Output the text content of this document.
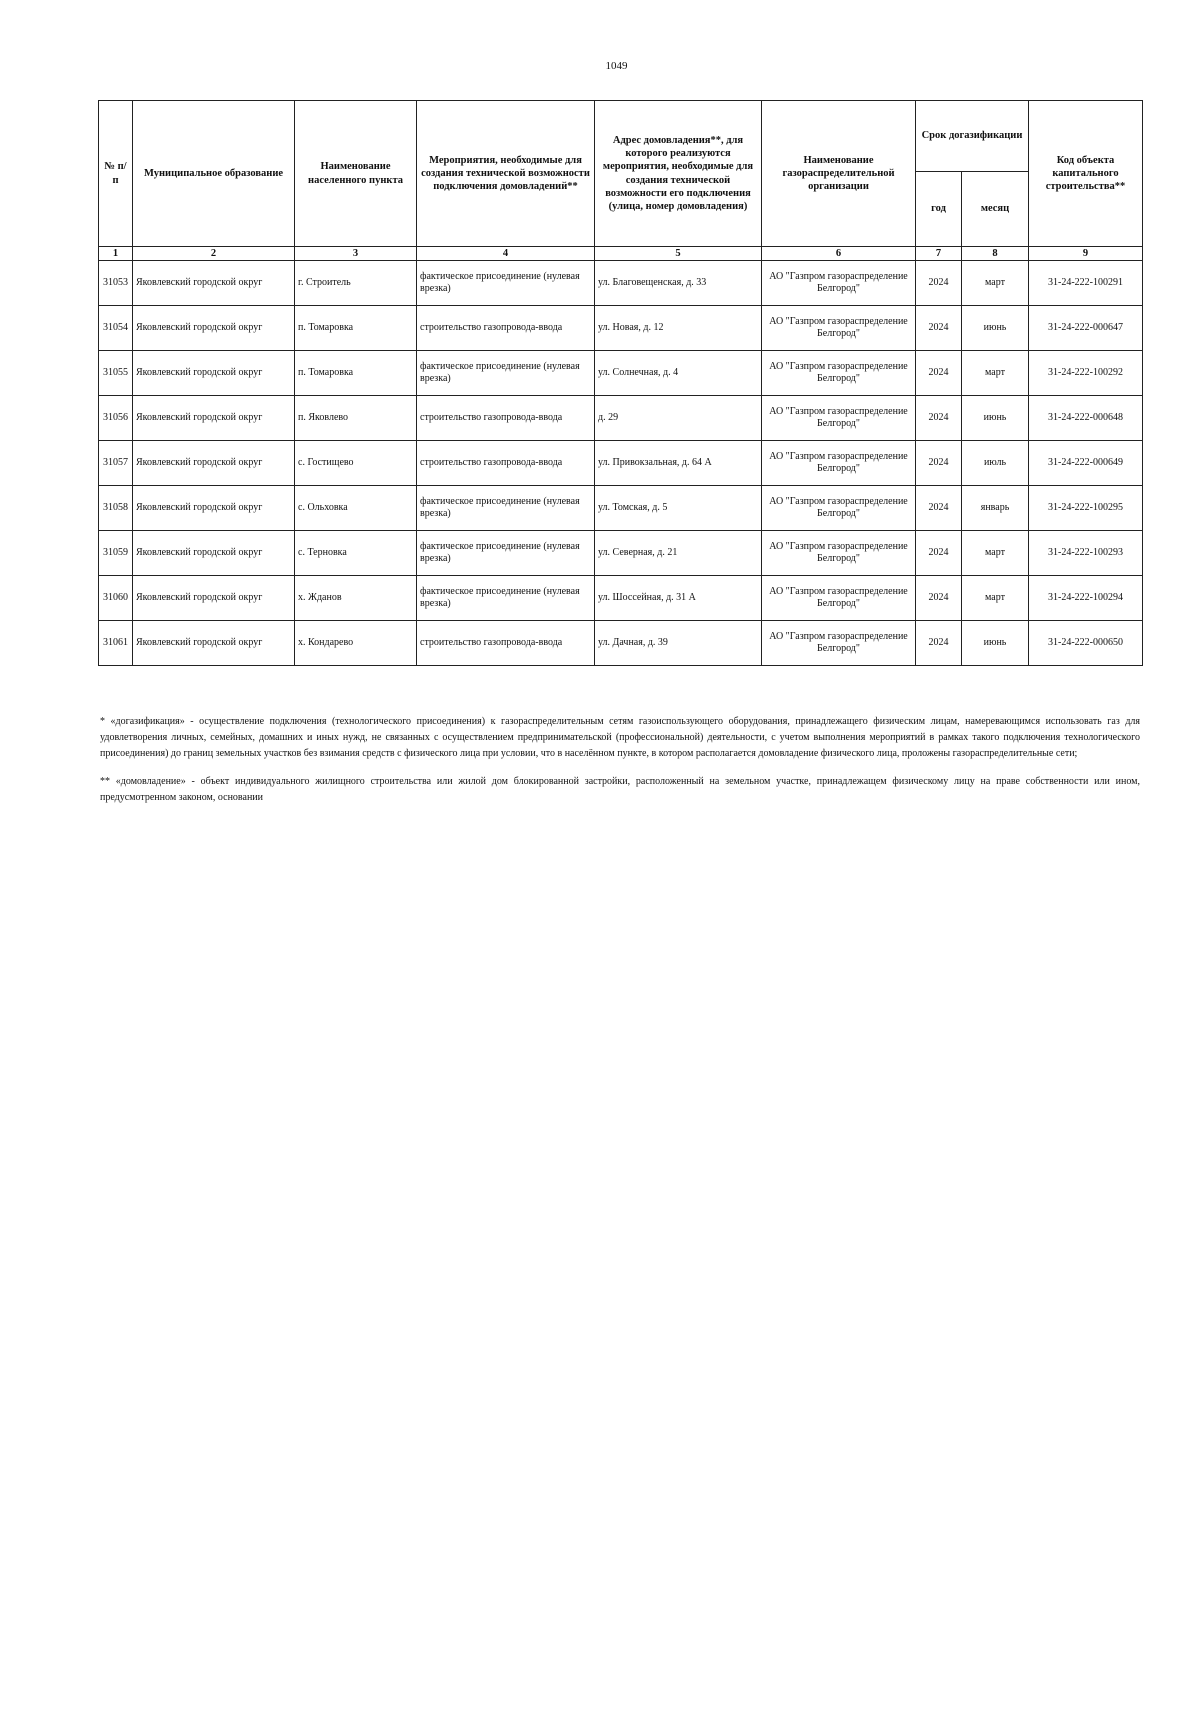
1049
№ п/п	Муниципальное образование	Наименование населенного пункта	Мероприятия, необходимые для создания технической возможности подключения домовладений**	Адрес домовладения**, для которого реализуются мероприятия, необходимые для создания технической возможности его подключения (улица, номер домовладения)	Наименование газораспределительной организации	Срок догазификации		Код объекта капитального строительства**
						год	месяц	
1	2	3	4	5	6	7	8	9
31053	Яковлевский городской округ	г. Строитель	фактическое присоединение (нулевая врезка)	ул. Благовещенская, д. 33	АО "Газпром газораспределение Белгород"	2024	март	31-24-222-100291
31054	Яковлевский городской округ	п. Томаровка	строительство газопровода-ввода	ул. Новая, д. 12	АО "Газпром газораспределение Белгород"	2024	июнь	31-24-222-000647
31055	Яковлевский городской округ	п. Томаровка	фактическое присоединение (нулевая врезка)	ул. Солнечная, д. 4	АО "Газпром газораспределение Белгород"	2024	март	31-24-222-100292
31056	Яковлевский городской округ	п. Яковлево	строительство газопровода-ввода	д. 29	АО "Газпром газораспределение Белгород"	2024	июнь	31-24-222-000648
31057	Яковлевский городской округ	с. Гостищево	строительство газопровода-ввода	ул. Привокзальная, д. 64 А	АО "Газпром газораспределение Белгород"	2024	июль	31-24-222-000649
31058	Яковлевский городской округ	с. Ольховка	фактическое присоединение (нулевая врезка)	ул. Томская, д. 5	АО "Газпром газораспределение Белгород"	2024	январь	31-24-222-100295
31059	Яковлевский городской округ	с. Терновка	фактическое присоединение (нулевая врезка)	ул. Северная, д. 21	АО "Газпром газораспределение Белгород"	2024	март	31-24-222-100293
31060	Яковлевский городской округ	х. Жданов	фактическое присоединение (нулевая врезка)	ул. Шоссейная, д. 31 А	АО "Газпром газораспределение Белгород"	2024	март	31-24-222-100294
31061	Яковлевский городской округ	х. Кондарево	строительство газопровода-ввода	ул. Дачная, д. 39	АО "Газпром газораспределение Белгород"	2024	июнь	31-24-222-000650

* «догазификация» - осуществление подключения (технологического присоединения) к газораспределительным сетям газоиспользующего оборудования, принадлежащего физическим лицам, намеревающимся использовать газ для удовлетворения личных, семейных, домашних и иных нужд, не связанных с осуществлением предпринимательской (профессиональной) деятельности, с учетом выполнения мероприятий в рамках такого подключения технологического присоединения) до границ земельных участков без взимания средств с физического лица при условии, что в населённом пункте, в котором располагается домовладение физического лица, проложены газораспределительные сети;

** «домовладение» - объект индивидуального жилищного строительства или жилой дом блокированной застройки, расположенный на земельном участке, принадлежащем физическому лицу на праве собственности или ином, предусмотренном законом, основании
